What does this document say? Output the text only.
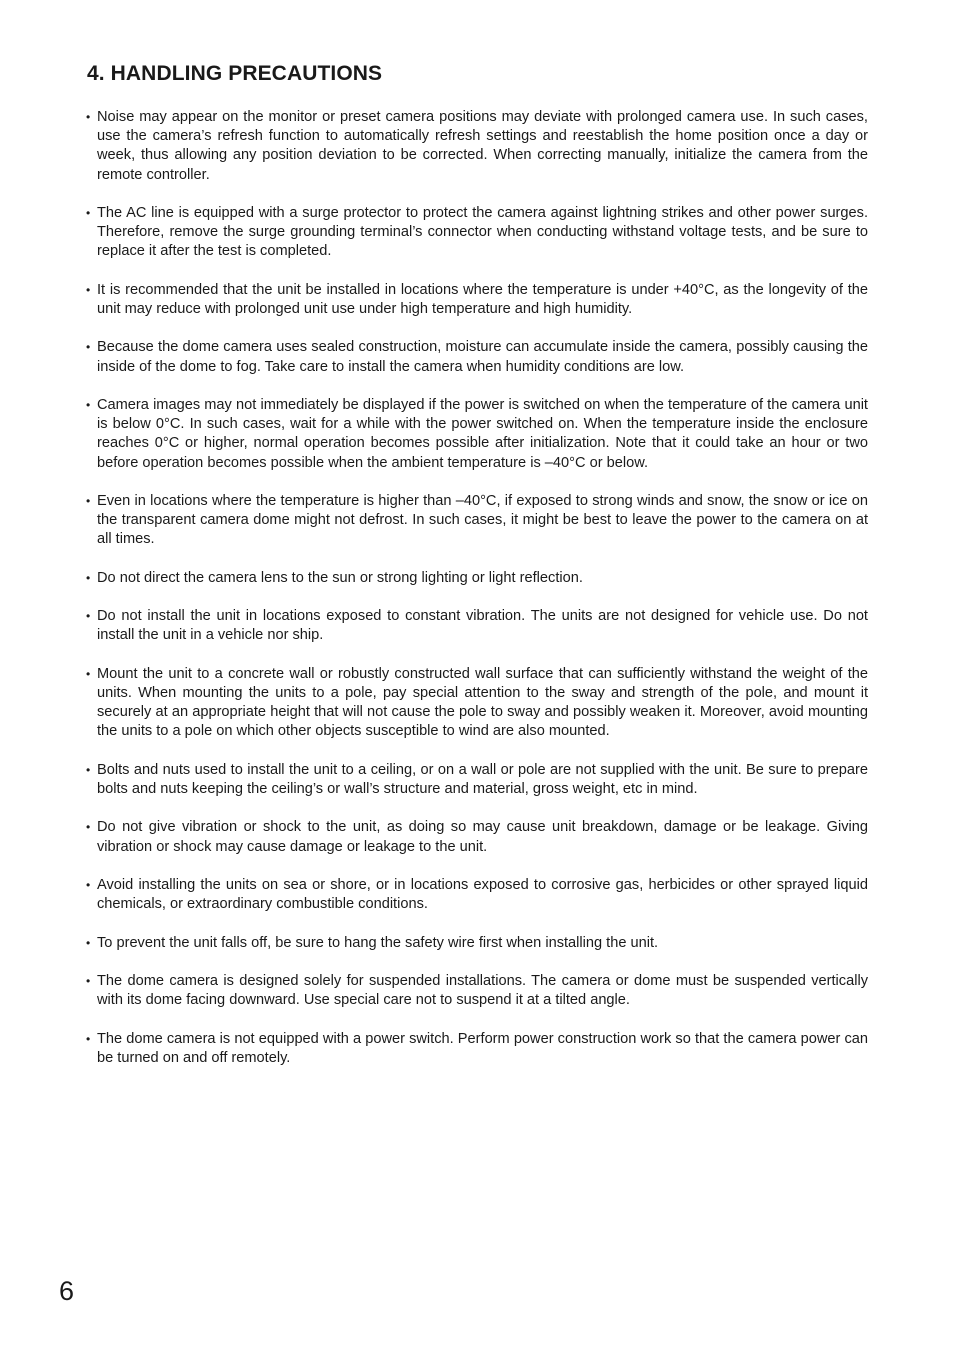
4. HANDLING PRECAUTIONS
• Noise may appear on the monitor or preset camera positions may deviate with prolonged camera use. In such cases, use the camera’s refresh function to automatically refresh settings and reestablish the home position once a day or week, thus allowing any position deviation to be corrected. When correcting manually, initialize the camera from the remote controller.
• The AC line is equipped with a surge protector to protect the camera against lightning strikes and other power surges. Therefore, remove the surge grounding terminal’s connector when conducting withstand voltage tests, and be sure to replace it after the test is completed.
• It is recommended that the unit be installed in locations where the temperature is under +40°C, as the longevity of the unit may reduce with prolonged unit use under high temperature and high humidity.
• Because the dome camera uses sealed construction, moisture can accumulate inside the camera, possibly causing the inside of the dome to fog. Take care to install the camera when humidity conditions are low.
• Camera images may not immediately be displayed if the power is switched on when the temperature of the camera unit is below 0°C. In such cases, wait for a while with the power switched on. When the temperature inside the enclosure reaches 0°C or higher, normal operation becomes possible after initialization. Note that it could take an hour or two before operation becomes possible when the ambient temperature is –40°C or below.
• Even in locations where the temperature is higher than –40°C, if exposed to strong winds and snow, the snow or ice on the transparent camera dome might not defrost. In such cases, it might be best to leave the power to the camera on at all times.
• Do not direct the camera lens to the sun or strong lighting or light reflection.
• Do not install the unit in locations exposed to constant vibration. The units are not designed for vehicle use. Do not install the unit in a vehicle nor ship.
• Mount the unit to a concrete wall or robustly constructed wall surface that can sufficiently withstand the weight of the units. When mounting the units to a pole, pay special attention to the sway and strength of the pole, and mount it securely at an appropriate height that will not cause the pole to sway and possibly weaken it. Moreover, avoid mounting the units to a pole on which other objects susceptible to wind are also mounted.
• Bolts and nuts used to install the unit to a ceiling, or on a wall or pole are not supplied with the unit. Be sure to prepare bolts and nuts keeping the ceiling’s or wall’s structure and material, gross weight, etc in mind.
• Do not give vibration or shock to the unit, as doing so may cause unit breakdown, damage or be leakage. Giving vibration or shock may cause damage or leakage to the unit.
• Avoid installing the units on sea or shore, or in locations exposed to corrosive gas, herbicides or other sprayed liquid chemicals, or extraordinary combustible conditions.
• To prevent the unit falls off, be sure to hang the safety wire first when installing the unit.
• The dome camera is designed solely for suspended installations. The camera or dome must be suspended vertically with its dome facing downward. Use special care not to suspend it at a tilted angle.
• The dome camera is not equipped with a power switch. Perform power construction work so that the camera power can be turned on and off remotely.
6
